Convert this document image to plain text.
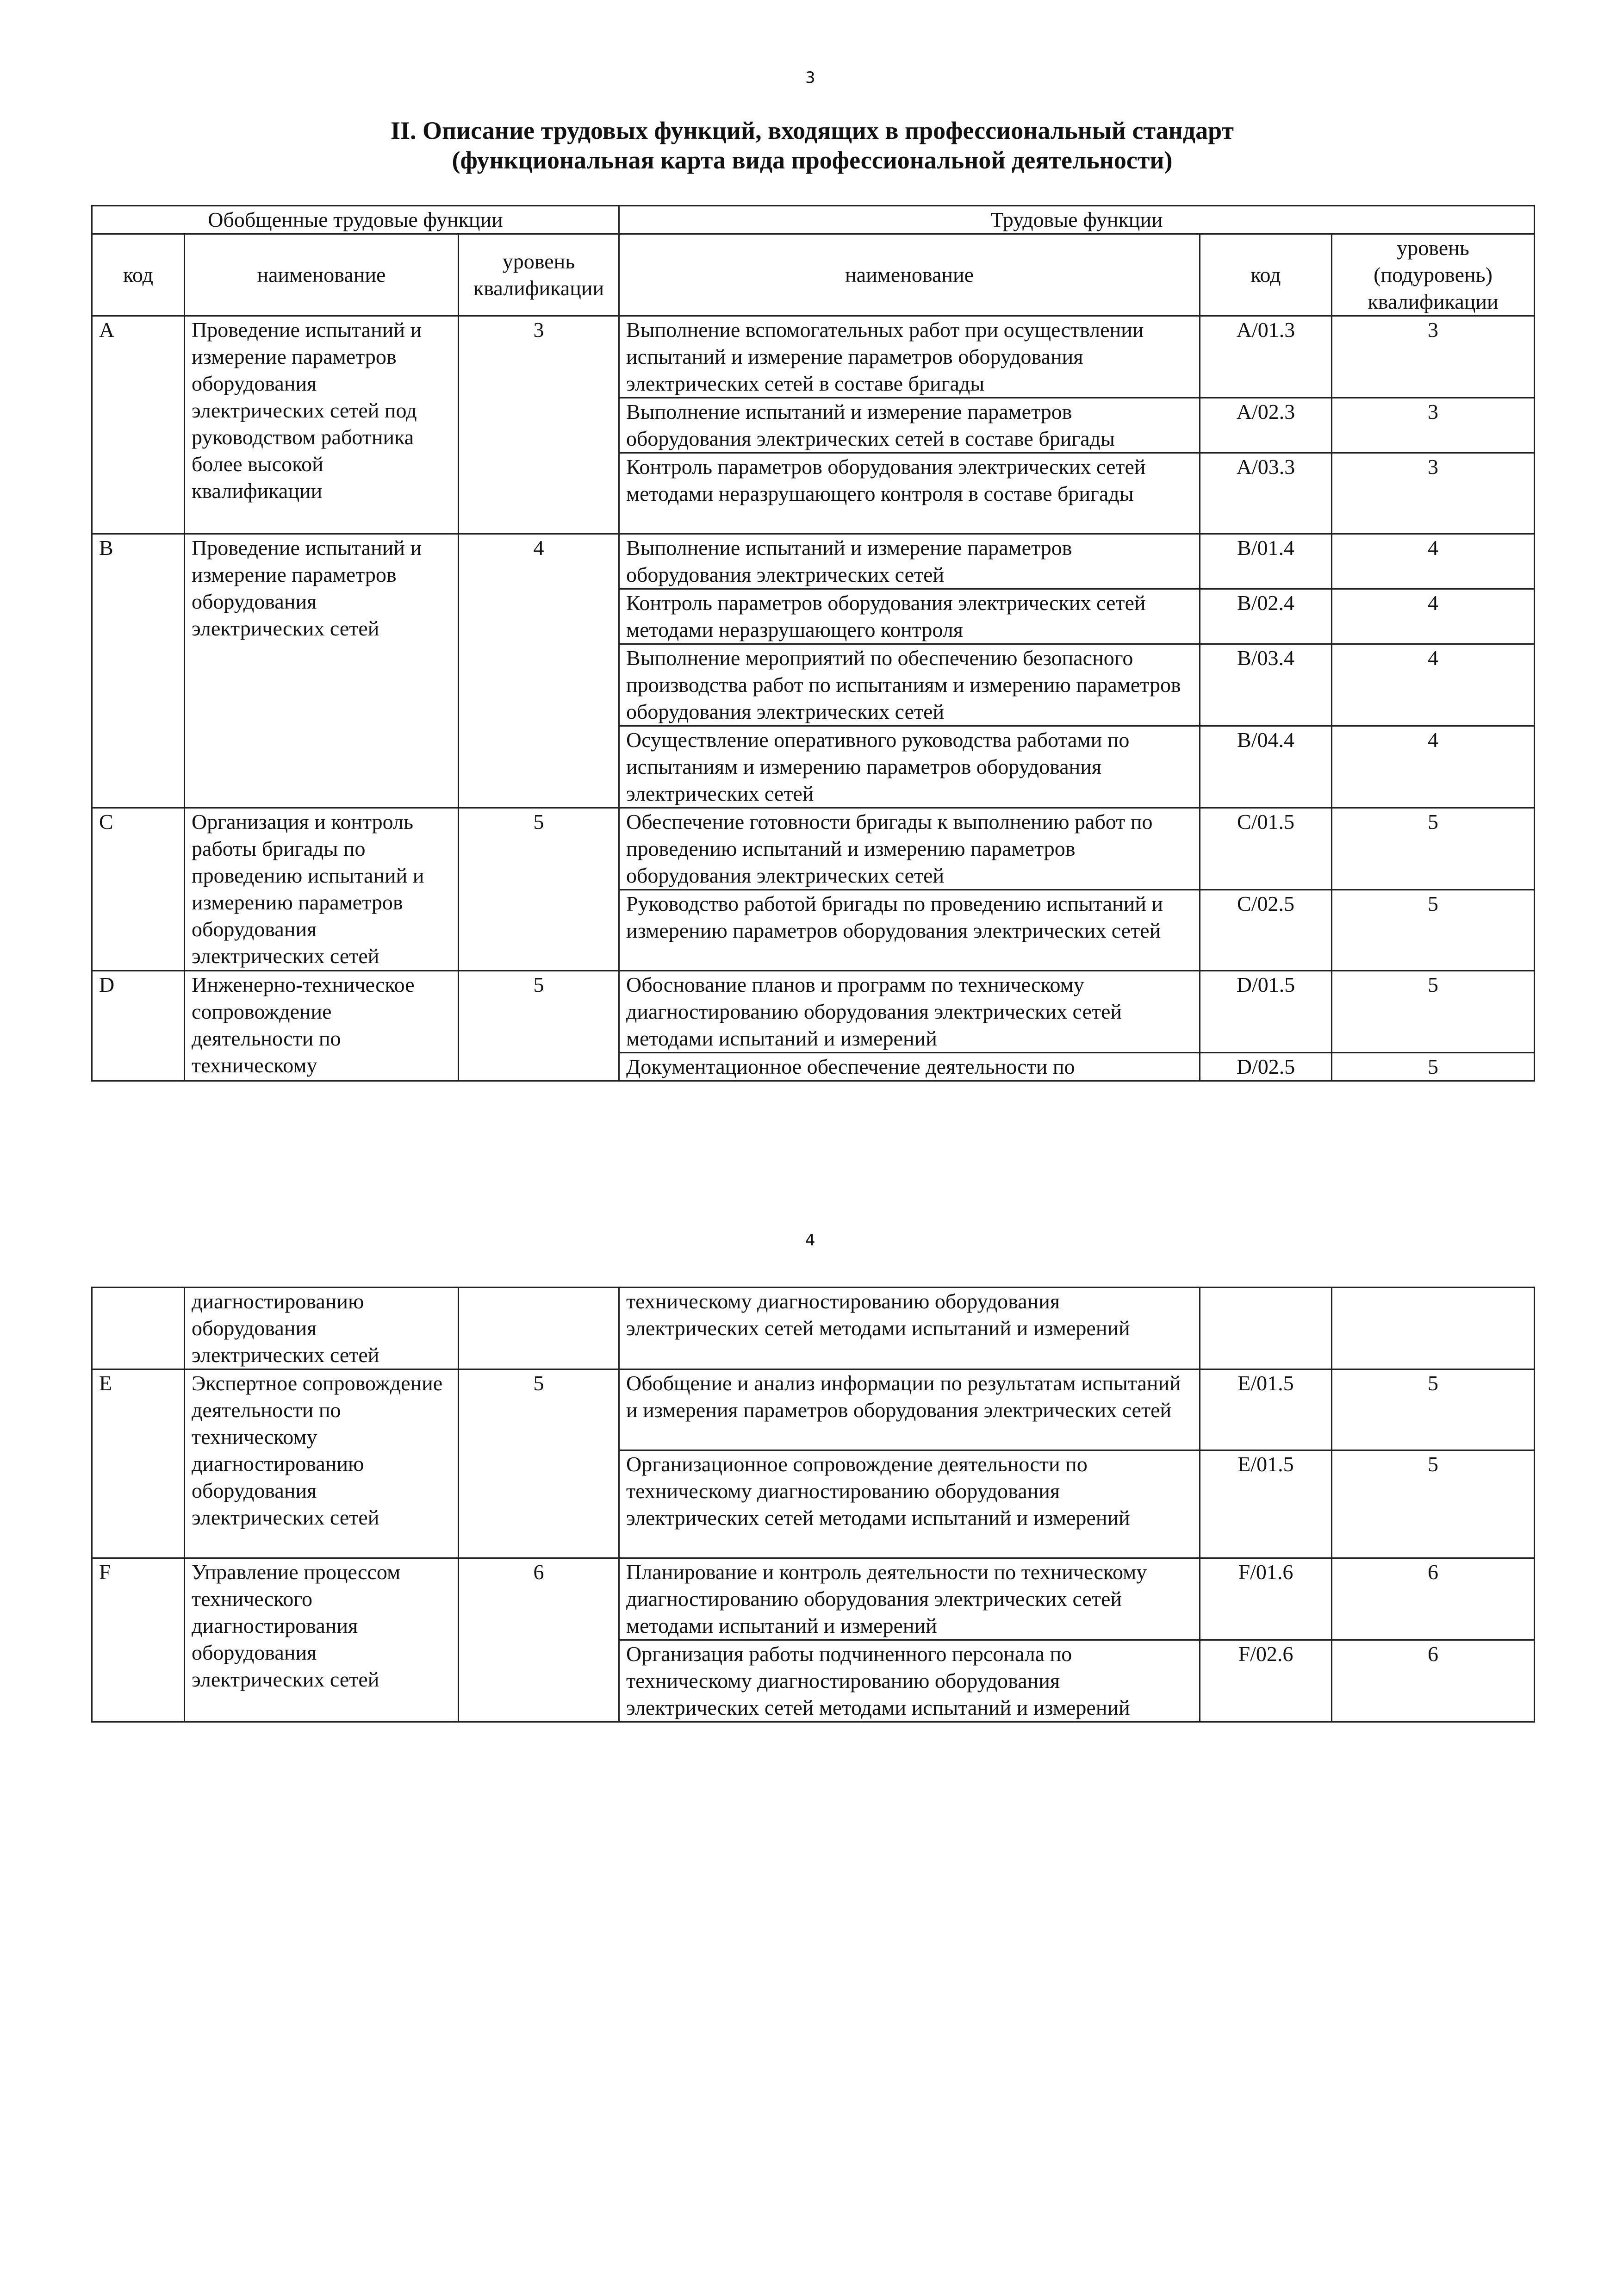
3
II. Описание трудовых функций, входящих в профессиональный стандарт
(функциональная карта вида профессиональной деятельности)
Обобщенные трудовые функции			Трудовые функции		
код	наименование	уровень квалификации	наименование	код	уровень (подуровень) квалификации
A	Проведение испытаний и измерение параметров оборудования электрических сетей под руководством работника более высокой квалификации	3	Выполнение вспомогательных работ при осуществлении испытаний и измерение параметров оборудования электрических сетей в составе бригады	A/01.3	3
			Выполнение испытаний и измерение параметров оборудования электрических сетей в составе бригады	A/02.3	3
			Контроль параметров оборудования электрических сетей методами неразрушающего контроля в составе бригады	A/03.3	3
B	Проведение испытаний и измерение параметров оборудования электрических сетей	4	Выполнение испытаний и измерение параметров оборудования электрических сетей	B/01.4	4
			Контроль параметров оборудования электрических сетей методами неразрушающего контроля	B/02.4	4
			Выполнение мероприятий по обеспечению безопасного производства работ по испытаниям и измерению параметров оборудования электрических сетей	B/03.4	4
			Осуществление оперативного руководства работами по испытаниям и измерению параметров оборудования электрических сетей	B/04.4	4
C	Организация и контроль работы бригады по проведению испытаний и измерению параметров оборудования электрических сетей	5	Обеспечение готовности бригады к выполнению работ по проведению испытаний и измерению параметров оборудования электрических сетей	C/01.5	5
			Руководство работой бригады по проведению испытаний и измерению параметров оборудования электрических сетей	C/02.5	5
D	Инженерно-техническое сопровождение деятельности по техническому	5	Обоснование планов и программ по техническому диагностированию оборудования электрических сетей методами испытаний и измерений	D/01.5	5
			Документационное обеспечение деятельности по	D/02.5	5
4
	диагностированию оборудования электрических сетей		техническому диагностированию оборудования электрических сетей методами испытаний и измерений		
E	Экспертное сопровождение деятельности по техническому диагностированию оборудования электрических сетей	5	Обобщение и анализ информации по результатам испытаний и измерения параметров оборудования электрических сетей	E/01.5	5
			Организационное сопровождение деятельности по техническому диагностированию оборудования электрических сетей методами испытаний и измерений	E/01.5	5
F	Управление процессом технического диагностирования оборудования электрических сетей	6	Планирование и контроль деятельности по техническому диагностированию оборудования электрических сетей методами испытаний и измерений	F/01.6	6
			Организация работы подчиненного персонала по техническому диагностированию оборудования электрических сетей методами испытаний и измерений	F/02.6	6
